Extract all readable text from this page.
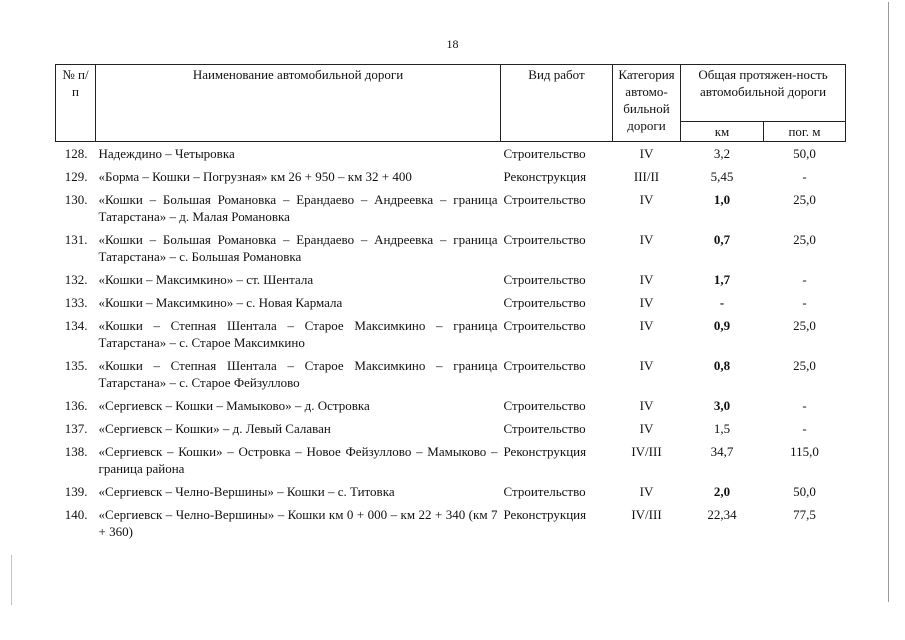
18
№ п/п	Наименование автомобильной дороги	Вид работ	Категория автомо-бильной дороги	Общая протяжен-ность автомобильной дороги	
				км	пог. м
128.	Надеждино – Четыровка	Строительство	IV	3,2	50,0
129.	«Борма – Кошки – Погрузная» км 26 + 950 – км 32 + 400	Реконструкция	III/II	5,45	-
130.	«Кошки – Большая Романовка – Ерандаево – Андреевка – граница Татарстана» – д. Малая Романовка	Строительство	IV	1,0	25,0
131.	«Кошки – Большая Романовка – Ерандаево – Андреевка – граница Татарстана» – с. Большая Романовка	Строительство	IV	0,7	25,0
132.	«Кошки – Максимкино» – ст. Шентала	Строительство	IV	1,7	-
133.	«Кошки – Максимкино» – с. Новая Кармала	Строительство	IV	-	-
134.	«Кошки – Степная Шентала – Старое Максимкино – граница Татарстана» – с. Старое Максимкино	Строительство	IV	0,9	25,0
135.	«Кошки – Степная Шентала – Старое Максимкино – граница Татарстана» – с. Старое Фейзуллово	Строительство	IV	0,8	25,0
136.	«Сергиевск – Кошки – Мамыково» – д. Островка	Строительство	IV	3,0	-
137.	«Сергиевск – Кошки» – д. Левый Салаван	Строительство	IV	1,5	-
138.	«Сергиевск – Кошки» – Островка – Новое Фейзуллово – Мамыково – граница района	Реконструкция	IV/III	34,7	115,0
139.	«Сергиевск – Челно-Вершины» – Кошки – с. Титовка	Строительство	IV	2,0	50,0
140.	«Сергиевск – Челно-Вершины» – Кошки км 0 + 000 – км 22 + 340 (км 7 + 360)	Реконструкция	IV/III	22,34	77,5
